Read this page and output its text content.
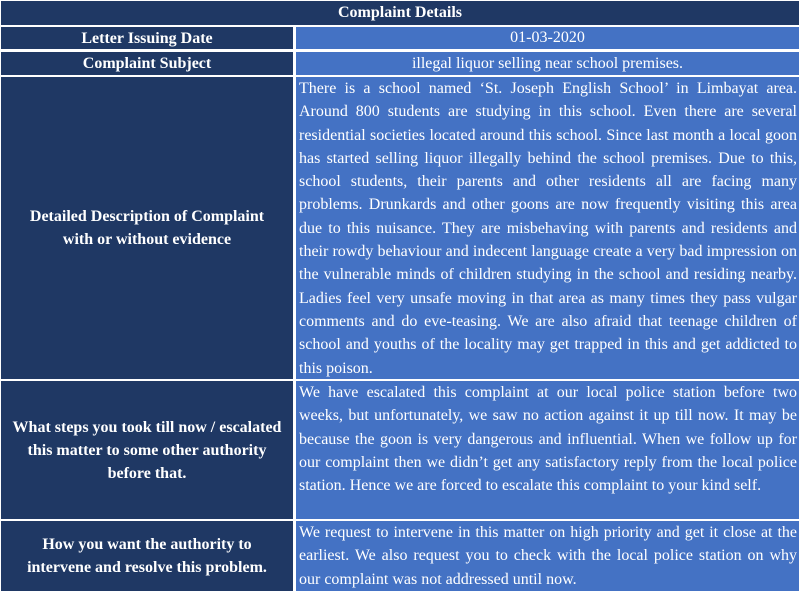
Complaint Details
Letter Issuing Date	01-03-2020
Complaint Subject	illegal liquor selling near school premises.
Detailed Description of Complaint with or without evidence
There is a school named ‘St. Joseph English School’ in Limbayat area. Around 800 students are studying in this school. Even there are several residential societies located around this school. Since last month a local goon has started selling liquor illegally behind the school premises. Due to this, school students, their parents and other residents all are facing many problems. Drunkards and other goons are now frequently visiting this area due to this nuisance. They are misbehaving with parents and residents and their rowdy behaviour and indecent language create a very bad impression on the vulnerable minds of children studying in the school and residing nearby. Ladies feel very unsafe moving in that area as many times they pass vulgar comments and do eve-teasing. We are also afraid that teenage children of school and youths of the locality may get trapped in this and get addicted to this poison.
What steps you took till now / escalated this matter to some other authority before that.
We have escalated this complaint at our local police station before two weeks, but unfortunately, we saw no action against it up till now. It may be because the goon is very dangerous and influential. When we follow up for our complaint then we didn’t get any satisfactory reply from the local police station. Hence we are forced to escalate this complaint to your kind self.
How you want the authority to intervene and resolve this problem.
We request to intervene in this matter on high priority and get it close at the earliest. We also request you to check with the local police station on why our complaint was not addressed until now.
